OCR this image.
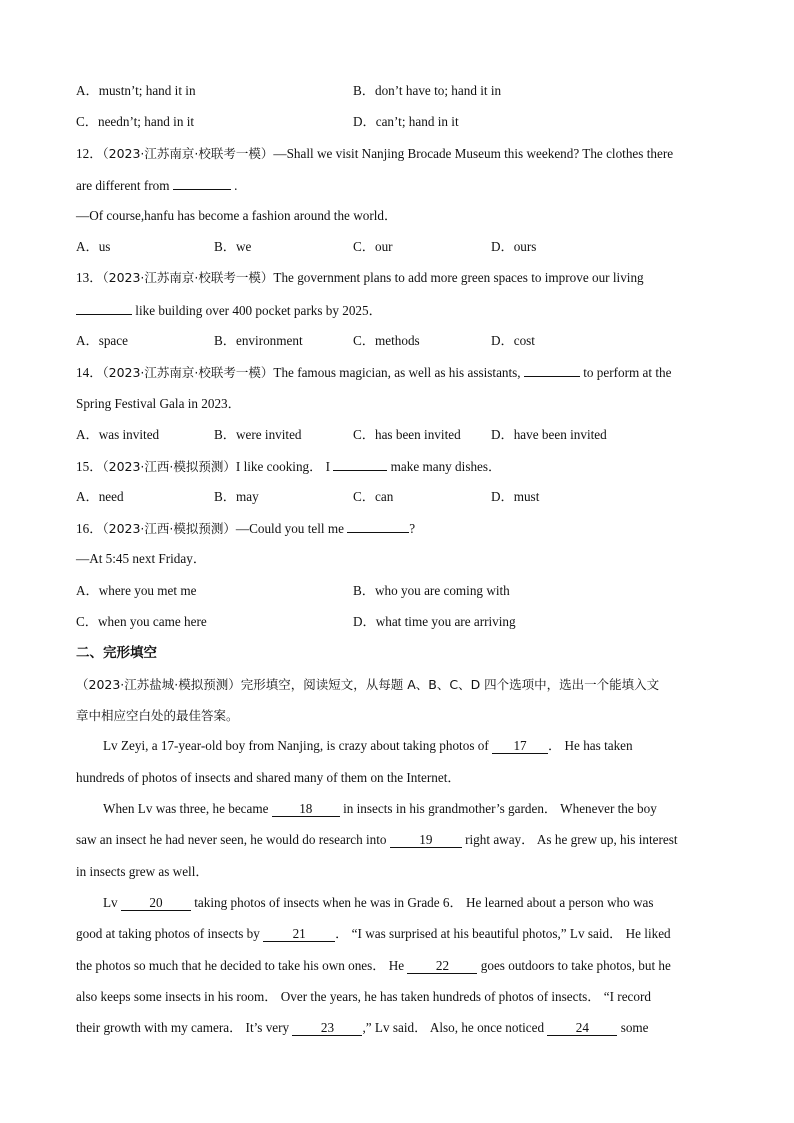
A．mustn’t; hand it in	B．don’t have to; hand it in
C．needn’t; hand in it	D．can’t; hand in it
12．（2023·江苏南京·校联考一模）—Shall we visit Nanjing Brocade Museum this weekend? The clothes there
are different from	.
—Of course,hanfu has become a fashion around the world．
A．us	B．we	C．our	D．ours
13．（2023·江苏南京·校联考一模）The government plans to add more green spaces to improve our living
like building over 400 pocket parks by 2025．
A．space	B．environment	C．methods	D．cost
14．（2023·江苏南京·校联考一模）The famous magician, as well as his assistants,	to perform at the
Spring Festival Gala in 2023．
A．was invited	B．were invited	C．has been invited D．have been invited
15．（2023·江西·模拟预测）I like cooking． I	make many dishes．
A．need	B．may	C．can	D．must
16．（2023·江西·模拟预测）—Could you tell me	?
—At 5:45 next Friday．
A．where you met me	B．who you are coming with
C．when you came here	D．what time you are arriving
二、完形填空
（2023·江苏盐城·模拟预测）完形填空，阅读短文，从每题 A、B、C、D 四个选项中，选出一个能填入文
章中相应空白处的最佳答案。
Lv Zeyi, a 17-year-old boy from Nanjing, is crazy about taking photos of 17 ． He has taken
hundreds of photos of insects and shared many of them on the Internet．
When Lv was three, he became 18 in insects in his grandmother’s garden． Whenever the boy
saw an insect he had never seen, he would do research into 19 right away． As he grew up, his interest
in insects grew as well．
Lv 20 taking photos of insects when he was in Grade 6． He learned about a person who was
good at taking photos of insects by 21 ． “I was surprised at his beautiful photos,” Lv said． He liked
the photos so much that he decided to take his own ones． He 22 goes outdoors to take photos, but he
also keeps some insects in his room． Over the years, he has taken hundreds of photos of insects． “I record
their growth with my camera． It’s very 23 ,” Lv said． Also, he once noticed 24 some
